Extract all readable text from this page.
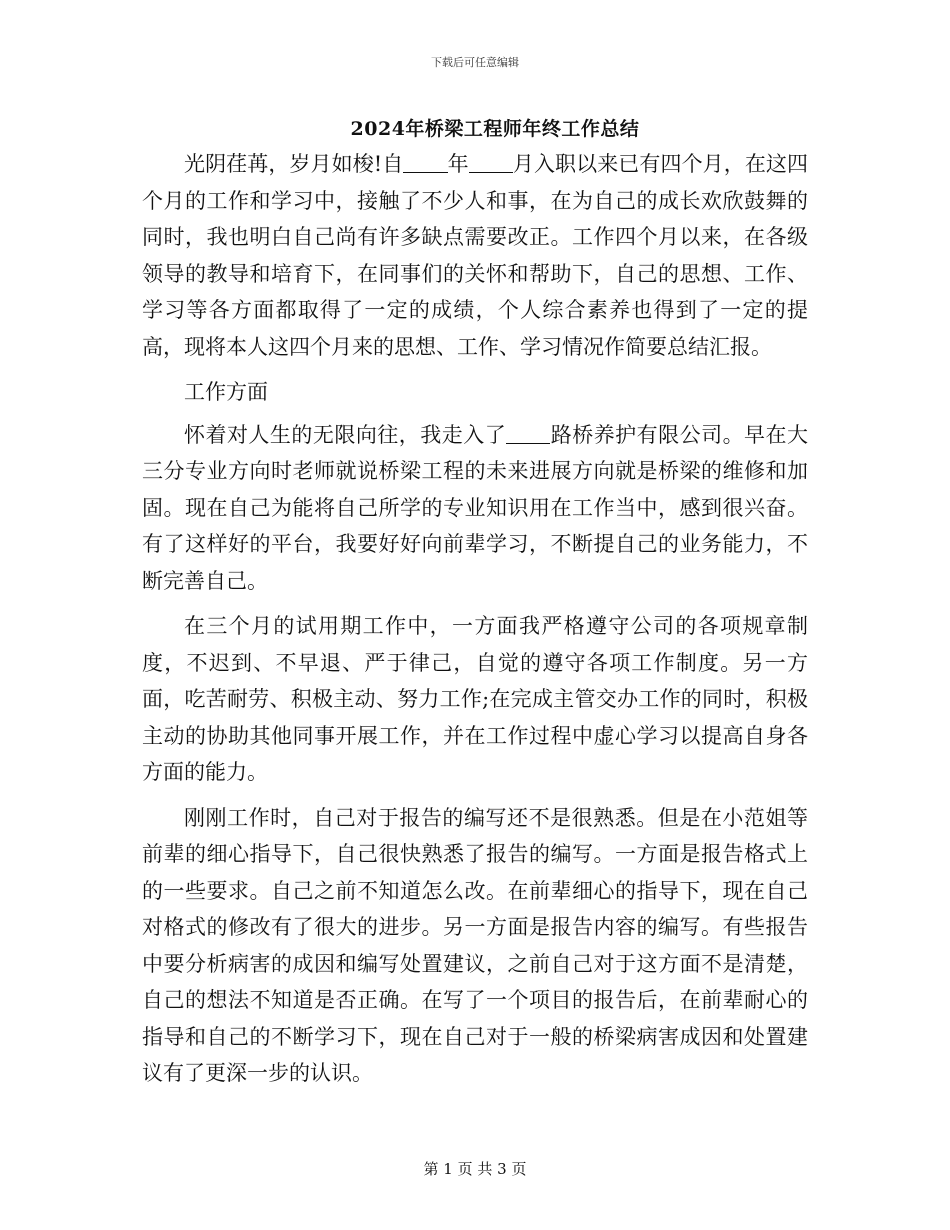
下载后可任意编辑
2024年桥梁工程师年终工作总结

光阴荏苒，岁月如梭!自 年 月入职以来已有四个月，在这四个月的工作和学习中，接触了不少人和事，在为自己的成长欢欣鼓舞的同时，我也明白自己尚有许多缺点需要改正。工作四个月以来，在各级领导的教导和培育下，在同事们的关怀和帮助下，自己的思想、工作、学习等各方面都取得了一定的成绩，个人综合素养也得到了一定的提高，现将本人这四个月来的思想、工作、学习情况作简要总结汇报。

工作方面

怀着对人生的无限向往，我走入了 路桥养护有限公司。早在大三分专业方向时老师就说桥梁工程的未来进展方向就是桥梁的维修和加固。现在自己为能将自己所学的专业知识用在工作当中，感到很兴奋。有了这样好的平台，我要好好向前辈学习，不断提自己的业务能力，不断完善自己。

在三个月的试用期工作中，一方面我严格遵守公司的各项规章制度，不迟到、不早退、严于律己，自觉的遵守各项工作制度。另一方面，吃苦耐劳、积极主动、努力工作;在完成主管交办工作的同时，积极主动的协助其他同事开展工作，并在工作过程中虚心学习以提高自身各方面的能力。

刚刚工作时，自己对于报告的编写还不是很熟悉。但是在小范姐等前辈的细心指导下，自己很快熟悉了报告的编写。一方面是报告格式上的一些要求。自己之前不知道怎么改。在前辈细心的指导下，现在自己对格式的修改有了很大的进步。另一方面是报告内容的编写。有些报告中要分析病害的成因和编写处置建议，之前自己对于这方面不是清楚，自己的想法不知道是否正确。在写了一个项目的报告后，在前辈耐心的指导和自己的不断学习下，现在自己对于一般的桥梁病害成因和处置建议有了更深一步的认识。

第 1 页 共 3 页
